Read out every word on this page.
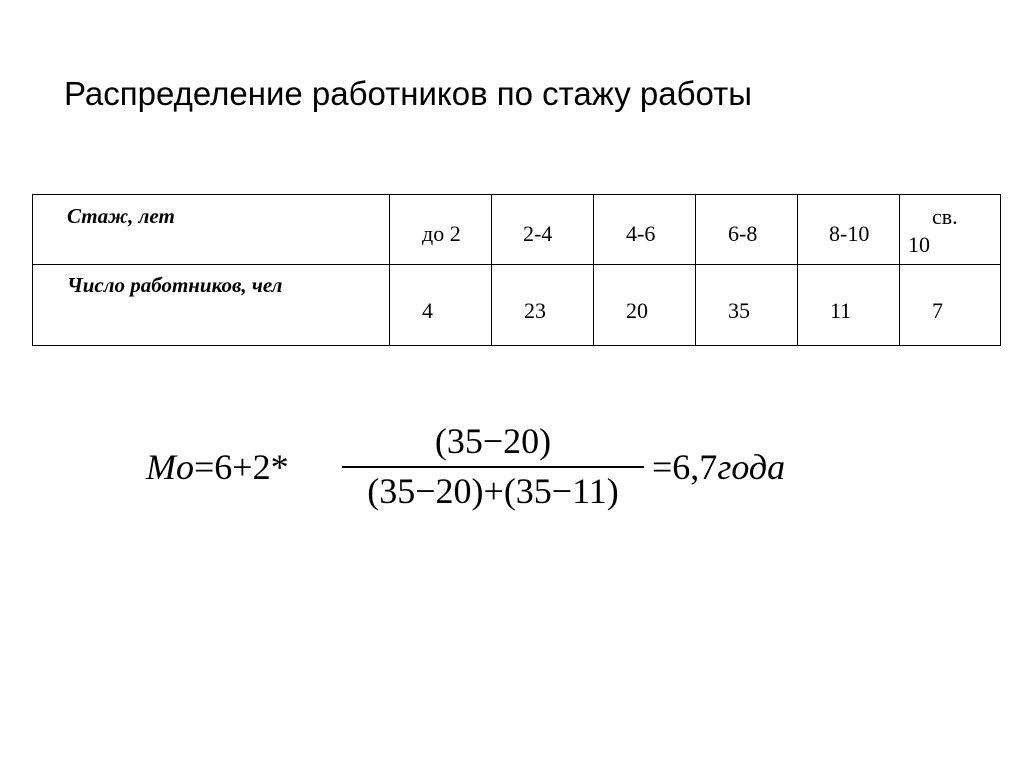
Распределение работников по стажу работы
Стаж, лет	до 2	2-4	4-6	6-8	8-10	св.
10

Число работников, чел	4	23	20	35	11	7
Mo=6+2*
(35−20)
(35−20)+(35−11)
=6,7года
